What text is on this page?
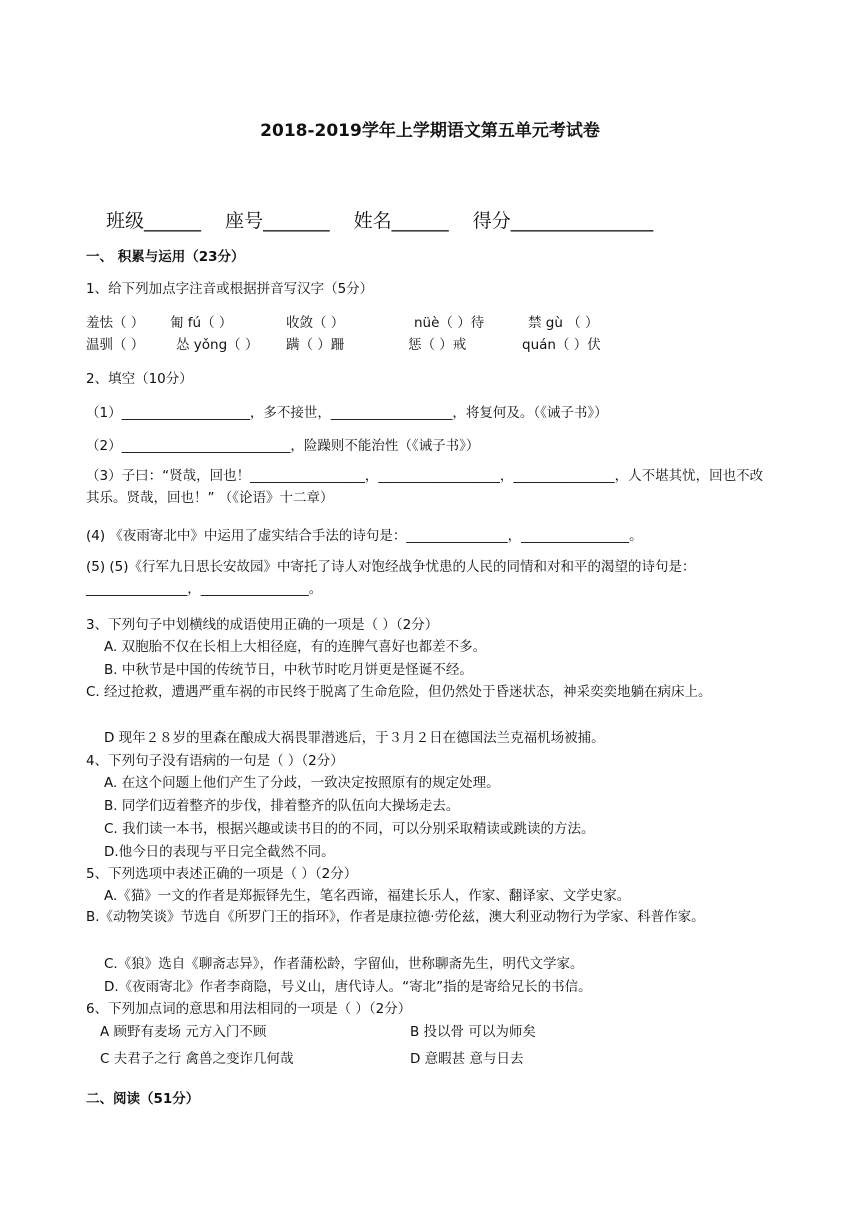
2018-2019学年上学期语文第五单元考试卷
班级______ 座号_______ 姓名______ 得分_______________
一、 积累与运用（23分）
1、给下列加点字注音或根据拼音写汉字（5分）
羞怯（ ） 匍 fú（ ）	收敛（ ）	nüè（ ）待	禁 gù （ ）
温驯（ ） 怂 yǒng（ ） 蹒（ ）跚	惩（ ）戒	quán（ ）伏
2、填空（10分）
（1）___________________，多不接世，__________________，将复何及。（《诫子书》）
（2）_________________________，险躁则不能治性（《诫子书》）
（3）子曰：“贤哉，回也！_________________，__________________，_______________，人不堪其忧，回也不改其乐。贤哉，回也！” （《论语》十二章）
(4) 《夜雨寄北中》中运用了虚实结合手法的诗句是：_______________，________________。
(5) (5)《行军九日思长安故园》中寄托了诗人对饱经战争忧患的人民的同情和对和平的渴望的诗句是：_______________，________________。
3、下列句子中划横线的成语使用正确的一项是（ ）（2分）
A. 双胞胎不仅在长相上大相径庭，有的连脾气喜好也都差不多。
B. 中秋节是中国的传统节日，中秋节时吃月饼更是怪诞不经。
C. 经过抢救，遭遇严重车祸的市民终于脱离了生命危险，但仍然处于昏迷状态，神采奕奕地躺在病床上。
D 现年２８岁的里森在酿成大祸畏罪潜逃后，于３月２日在德国法兰克福机场被捕。
4、下列句子没有语病的一句是（ ）（2分）
A. 在这个问题上他们产生了分歧，一致决定按照原有的规定处理。
B. 同学们迈着整齐的步伐，排着整齐的队伍向大操场走去。
C. 我们读一本书，根据兴趣或读书目的的不同，可以分别采取精读或跳读的方法。
D.他今日的表现与平日完全截然不同。
5、下列选项中表述正确的一项是（ ）（2分）
A.《猫》一文的作者是郑振铎先生，笔名西谛，福建长乐人，作家、翻译家、文学史家。
B.《动物笑谈》节选自《所罗门王的指环》，作者是康拉德·劳伦兹，澳大利亚动物行为学家、科普作家。
C.《狼》选自《聊斋志异》，作者蒲松龄，字留仙，世称聊斋先生，明代文学家。
D.《夜雨寄北》作者李商隐，号义山，唐代诗人。“寄北”指的是寄给兄长的书信。
6、下列加点词的意思和用法相同的一项是（ ）（2分）
A 顾野有麦场 元方入门不顾	B 投以骨 可以为师矣
C 夫君子之行 禽兽之变诈几何哉	D 意暇甚 意与日去
二、阅读（51分）
